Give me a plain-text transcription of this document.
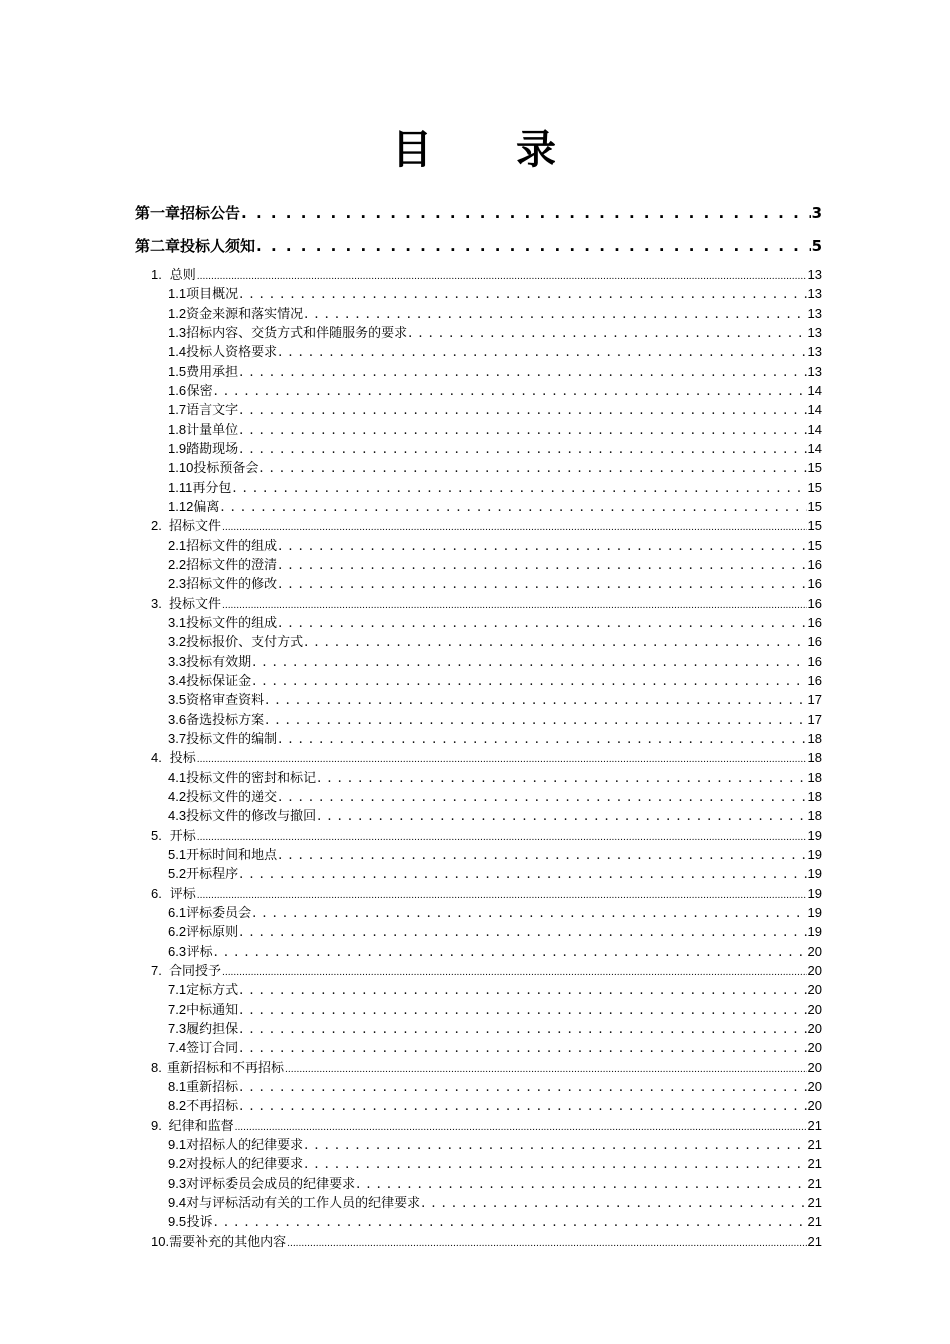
目 录
第一章 招标公告 . . .	3
第二章 投标人须知 . . .	5
1. 总则 .....	13
1.1 项目概况 . . .	13
1.2 资金来源和落实情况 . . .	13
1.3 招标内容、交货方式和伴随服务的要求 . . .	13
1.4 投标人资格要求 . . .	13
1.5 费用承担 . . .	13
1.6 保密 . . .	14
1.7 语言文字 . . .	14
1.8 计量单位 . . .	14
1.9 踏勘现场 . . .	14
1.10 投标预备会 . . .	15
1.11 再分包 . . .	15
1.12 偏离 . . .	15
2. 招标文件 .....	15
2.1 招标文件的组成 . . .	15
2.2 招标文件的澄清 . . .	16
2.3 招标文件的修改 . . .	16
3. 投标文件 .....	16
3.1 投标文件的组成 . . .	16
3.2 投标报价、支付方式 . . .	16
3.3 投标有效期 . . .	16
3.4 投标保证金 . . .	16
3.5 资格审查资料 . . .	17
3.6 备选投标方案 . . .	17
3.7 投标文件的编制 . . .	18
4. 投标 .....	18
4.1 投标文件的密封和标记 . . .	18
4.2 投标文件的递交 . . .	18
4.3 投标文件的修改与撤回 . . .	18
5. 开标 .....	19
5.1 开标时间和地点 . . .	19
5.2 开标程序 . . .	19
6. 评标 .....	19
6.1 评标委员会 . . .	19
6.2 评标原则 . . .	19
6.3 评标 . . .	20
7. 合同授予 .....	20
7.1 定标方式 . . .	20
7.2 中标通知 . . .	20
7.3 履约担保 . . .	20
7.4 签订合同 . . .	20
8. 重新招标和不再招标 .....	20
8.1 重新招标 . . .	20
8.2 不再招标 . . .	20
9. 纪律和监督 .....	21
9.1 对招标人的纪律要求 . . .	21
9.2 对投标人的纪律要求 . . .	21
9.3 对评标委员会成员的纪律要求 . . .	21
9.4 对与评标活动有关的工作人员的纪律要求 . . .	21
9.5 投诉 . . .	21
10. 需要补充的其他内容 .....	21
